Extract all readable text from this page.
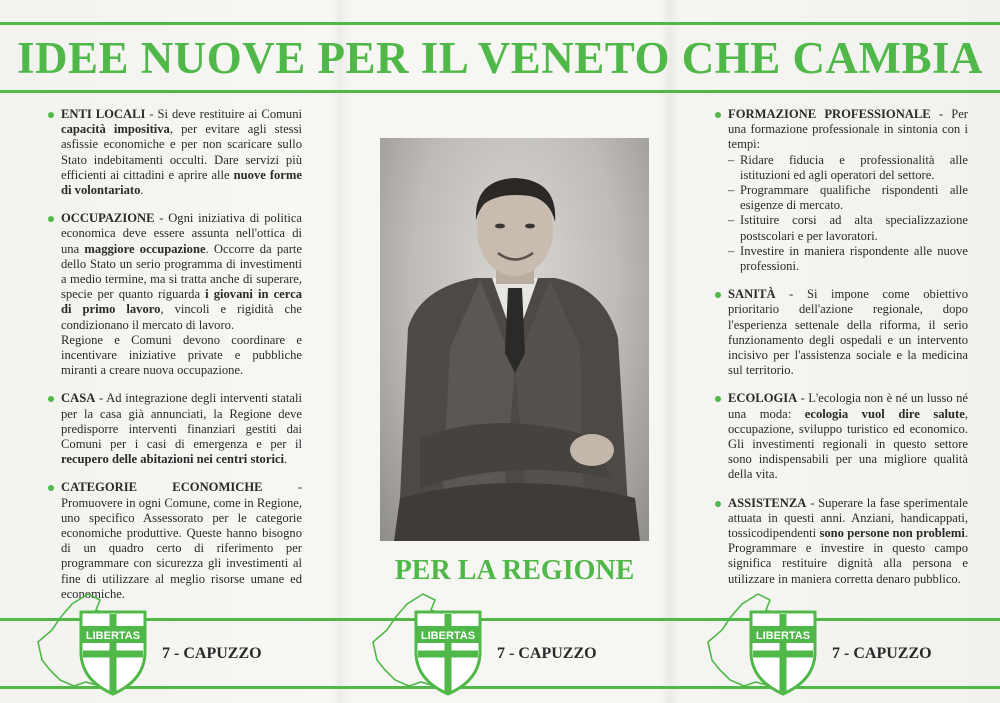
IDEE NUOVE PER IL VENETO CHE CAMBIA
ENTI LOCALI - Si deve restituire ai Comuni capacità impositiva, per evitare agli stessi asfissie economiche e per non scaricare sullo Stato indebitamenti occulti. Dare servizi più efficienti ai cittadini e aprire alle nuove forme di volontariato.
OCCUPAZIONE - Ogni iniziativa di politica economica deve essere assunta nell'ottica di una maggiore occupazione. Occorre da parte dello Stato un serio programma di investimenti a medio termine, ma si tratta anche di superare, specie per quanto riguarda i giovani in cerca di primo lavoro, vincoli e rigidità che condizionano il mercato di lavoro.
Regione e Comuni devono coordinare e incentivare iniziative private e pubbliche miranti a creare nuova occupazione.
CASA - Ad integrazione degli interventi statali per la casa già annunciati, la Regione deve predisporre interventi finanziari gestiti dai Comuni per i casi di emergenza e per il recupero delle abitazioni nei centri storici.
CATEGORIE ECONOMICHE - Promuovere in ogni Comune, come in Regione, uno specifico Assessorato per le categorie economiche produttive. Queste hanno bisogno di un quadro certo di riferimento per programmare con sicurezza gli investimenti al fine di utilizzare al meglio risorse umane ed economiche.
PER LA REGIONE
FORMAZIONE PROFESSIONALE - Per una formazione professionale in sintonia con i tempi:
– Ridare fiducia e professionalità alle istituzioni ed agli operatori del settore.
– Programmare qualifiche rispondenti alle esigenze di mercato.
– Istituire corsi ad alta specializzazione postscolari e per lavoratori.
– Investire in maniera rispondente alle nuove professioni.
SANITÀ - Si impone come obiettivo prioritario dell'azione regionale, dopo l'esperienza settenale della riforma, il serio funzionamento degli ospedali e un intervento incisivo per l'assistenza sociale e la medicina sul territorio.
ECOLOGIA - L'ecologia non è né un lusso né una moda: ecologia vuol dire salute, occupazione, sviluppo turistico ed economico. Gli investimenti regionali in questo settore sono indispensabili per una migliore qualità della vita.
ASSISTENZA - Superare la fase sperimentale attuata in questi anni. Anziani, handicappati, tossicodipendenti sono persone non problemi. Programmare e investire in questo campo significa restituire dignità alla persona e utilizzare in maniera corretta denaro pubblico.
LIBERTAS
7 - CAPUZZO
LIBERTAS
7 - CAPUZZO
LIBERTAS
7 - CAPUZZO
